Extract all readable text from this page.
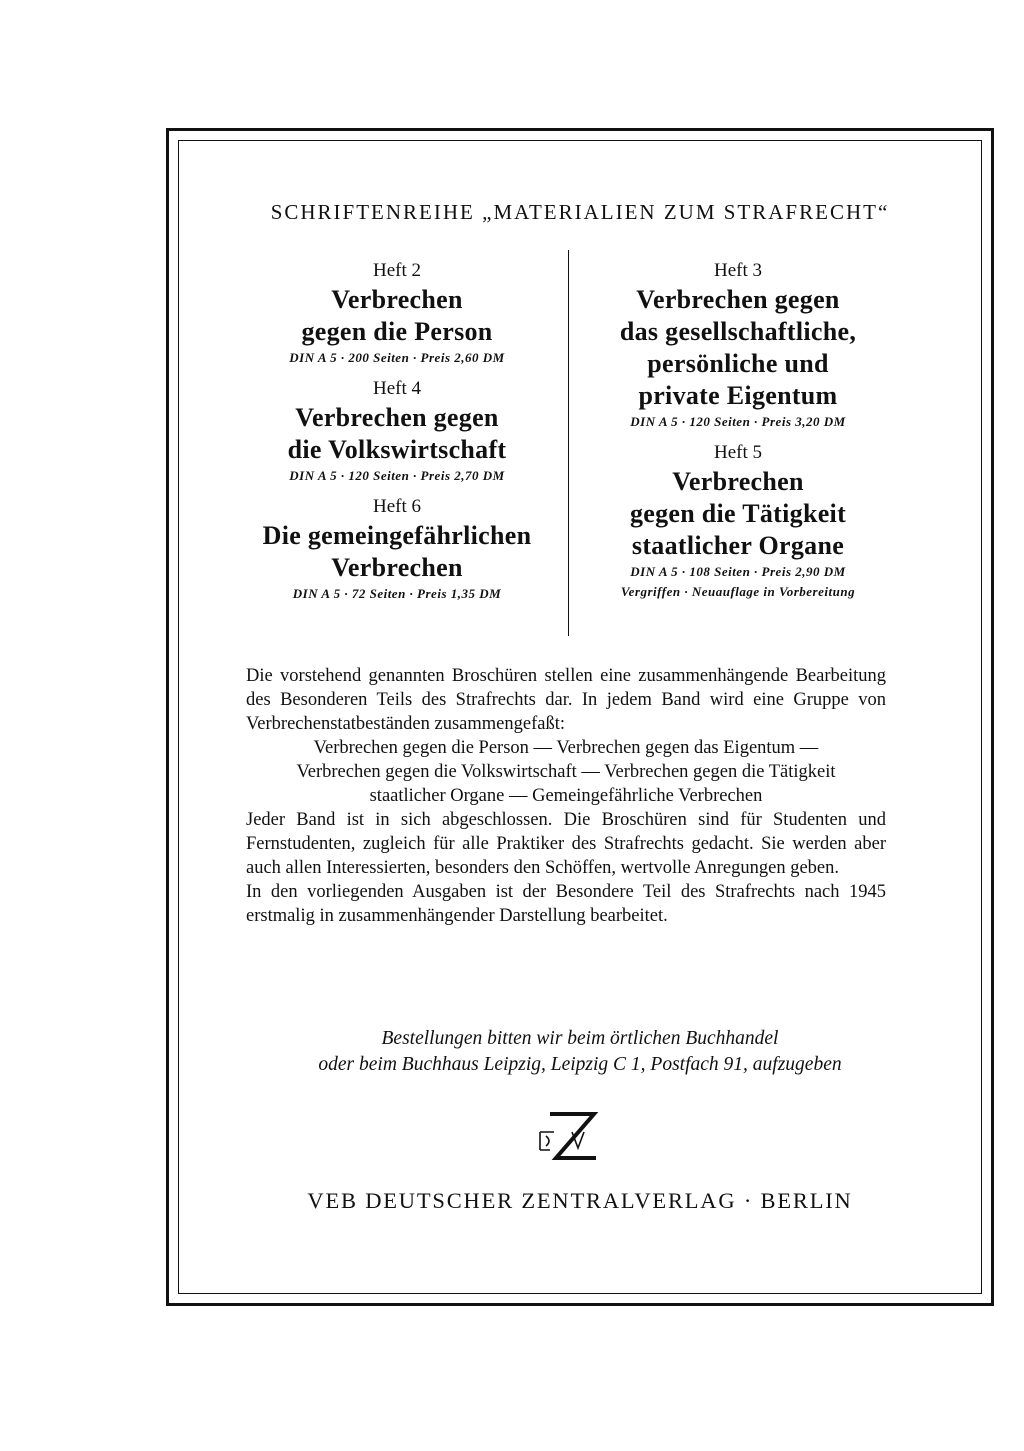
SCHRIFTENREIHE „MATERIALIEN ZUM STRAFRECHT“
Heft 2
Verbrechen
gegen die Person
DIN A 5 · 200 Seiten · Preis 2,60 DM
Heft 4
Verbrechen gegen
die Volkswirtschaft
DIN A 5 · 120 Seiten · Preis 2,70 DM
Heft 6
Die gemeingefährlichen
Verbrechen
DIN A 5 · 72 Seiten · Preis 1,35 DM
Heft 3
Verbrechen gegen
das gesellschaftliche,
persönliche und
private Eigentum
DIN A 5 · 120 Seiten · Preis 3,20 DM
Heft 5
Verbrechen
gegen die Tätigkeit
staatlicher Organe
DIN A 5 · 108 Seiten · Preis 2,90 DM
Vergriffen · Neuauflage in Vorbereitung

Die vorstehend genannten Broschüren stellen eine zusammenhängende Bearbeitung des Besonderen Teils des Strafrechts dar. In jedem Band wird eine Gruppe von Verbrechenstatbeständen zusammengefaßt:

Verbrechen gegen die Person — Verbrechen gegen das Eigentum — Verbrechen gegen die Volkswirtschaft — Verbrechen gegen die Tätigkeit staatlicher Organe — Gemeingefährliche Verbrechen

Jeder Band ist in sich abgeschlossen. Die Broschüren sind für Studenten und Fernstudenten, zugleich für alle Praktiker des Strafrechts gedacht. Sie werden aber auch allen Interessierten, besonders den Schöffen, wertvolle Anregungen geben.

In den vorliegenden Ausgaben ist der Besondere Teil des Strafrechts nach 1945 erstmalig in zusammenhängender Darstellung bearbeitet.

Bestellungen bitten wir beim örtlichen Buchhandel
oder beim Buchhaus Leipzig, Leipzig C 1, Postfach 91, aufzugeben
VEB DEUTSCHER ZENTRALVERLAG · BERLIN
